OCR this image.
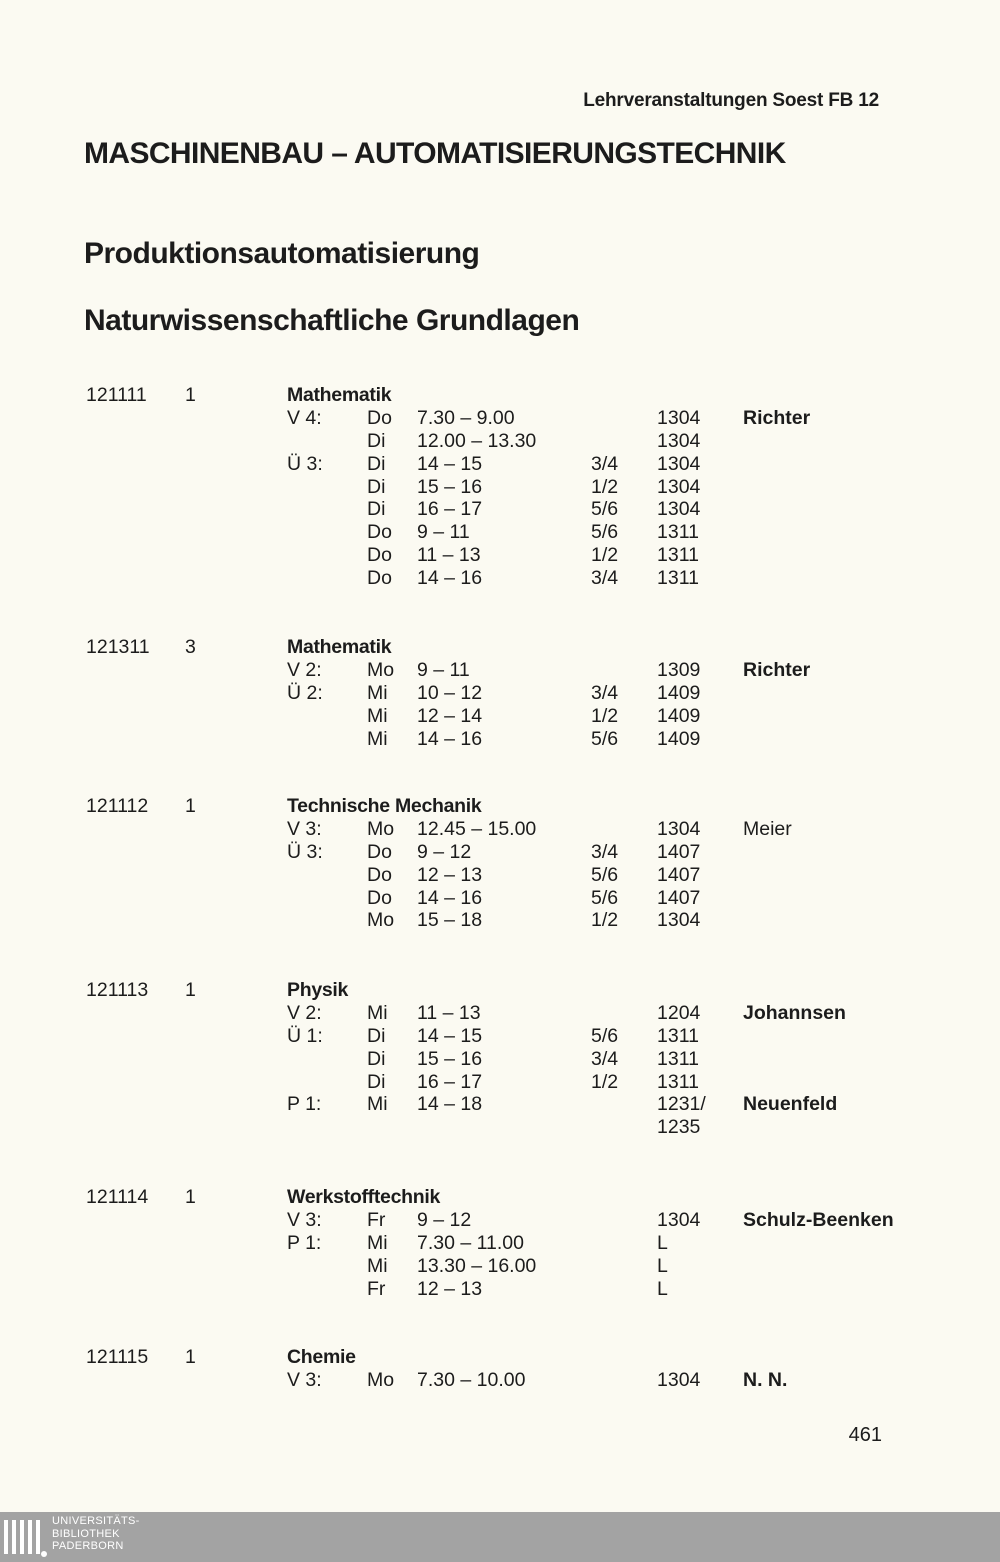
Lehrveranstaltungen Soest FB 12
MASCHINENBAU – AUTOMATISIERUNGSTECHNIK
Produktionsautomatisierung
Naturwissenschaftliche Grundlagen
121111 1	Mathematik
V 4: Do 7.30 – 9.00	1304 Richter
Di 12.00 – 13.30	1304
Ü 3: Di 14 – 15	3/4 1304
Di 15 – 16	1/2 1304
Di 16 – 17	5/6 1304
Do 9 – 11	5/6 1311
Do 11 – 13	1/2 1311
Do 14 – 16	3/4 1311
121311 3	Mathematik
V 2: Mo 9 – 11	1309 Richter
Ü 2: Mi 10 – 12	3/4 1409
Mi 12 – 14	1/2 1409
Mi 14 – 16	5/6 1409
121112 1	Technische Mechanik
V 3: Mo 12.45 – 15.00	1304 Meier
Ü 3: Do 9 – 12	3/4 1407
Do 12 – 13	5/6 1407
Do 14 – 16	5/6 1407
Mo 15 – 18	1/2 1304
121113 1	Physik
V 2: Mi 11 – 13	1204 Johannsen
Ü 1: Di 14 – 15	5/6 1311
Di 15 – 16	3/4 1311
Di 16 – 17	1/2 1311
P 1: Mi 14 – 18	1231/ Neuenfeld
1235
121114 1	Werkstofftechnik
V 3: Fr 9 – 12	1304 Schulz-Beenken
P 1: Mi 7.30 – 11.00	L
Mi 13.30 – 16.00	L
Fr 12 – 13	L
121115 1	Chemie
V 3: Mo 7.30 – 10.00	1304 N. N.
461
UNIVERSITÄTS-
BIBLIOTHEK
PADERBORN
